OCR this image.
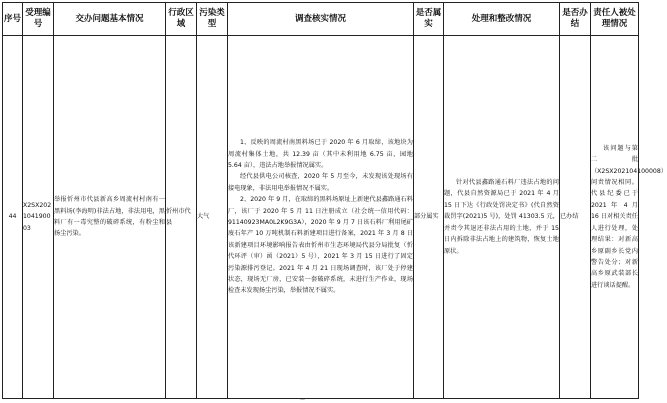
序号	受理编号	交办问题基本情况	行政区域	污染类型	调查核实情况	是否属实	处理和整改情况	是否办结	责任人被处理情况
44	X2SX202104190003	举报忻州市代县新高乡周流村村南有一黑料场(李海明)非法占地，非法用电，黑料厂有一毒究整的破碎系统，有粉尘和扬尘污染。	忻州市代县	大气	1、反映的周流村南黑料场已于 2020 年 6 月取缔，该地块为周流村集体土地，共 12.39 亩（其中未利用地 6.75 亩，园地 5.64 亩），违法占地举报情况属实。

经代县供电公司核查，2020 年 5 月至今，未发现该处现场有接电现象，非法用电举报情况不属实。

2、2020 年 9 月，在取缔的黑料场原址上新建代县鑫路通石料厂，该厂于 2020 年 5 月 11 日注册成立（社会统一信用代码：91140923MA0L2K9G3A），2020 年 9 月 7 日该石料厂利用尾矿废石年产 10 万吨机制石料新建项目进行备案，2021 年 3 月 8 日该新建项目环境影响报告表由忻州市生态环境局代县分局批复（忻代环评（审）函（2021）5 号），2021 年 3 月 15 日进行了固定污染源排污登记。2021 年 4 月 21 日现场调查时，该厂处于停建状态，现场无厂房，已安装一套破碎系统，未进行生产作业，现场检查未发现扬尘污染，举报情况不属实。	部分属实	针对代县鑫路通石料厂违法占地的问题，代县自然资源局已于 2021 年 4 月 15 日下达《行政处罚决定书》(代自然资裁罚字(2021)5 号)，处罚 41303.5 元，并责令其退还非法占用的土地，并于 15 日内拆除非法占地上的建筑物，恢复土地原状。	已办结	该问题与第二批（X2SX202104100008）问责情况相同。代县纪委已于 2021 年 4 月 16 日对相关责任人进行处理，处理结果：对新高乡原副乡长党内警告处分；对新高乡原武装部长进行谈话提醒。

—
